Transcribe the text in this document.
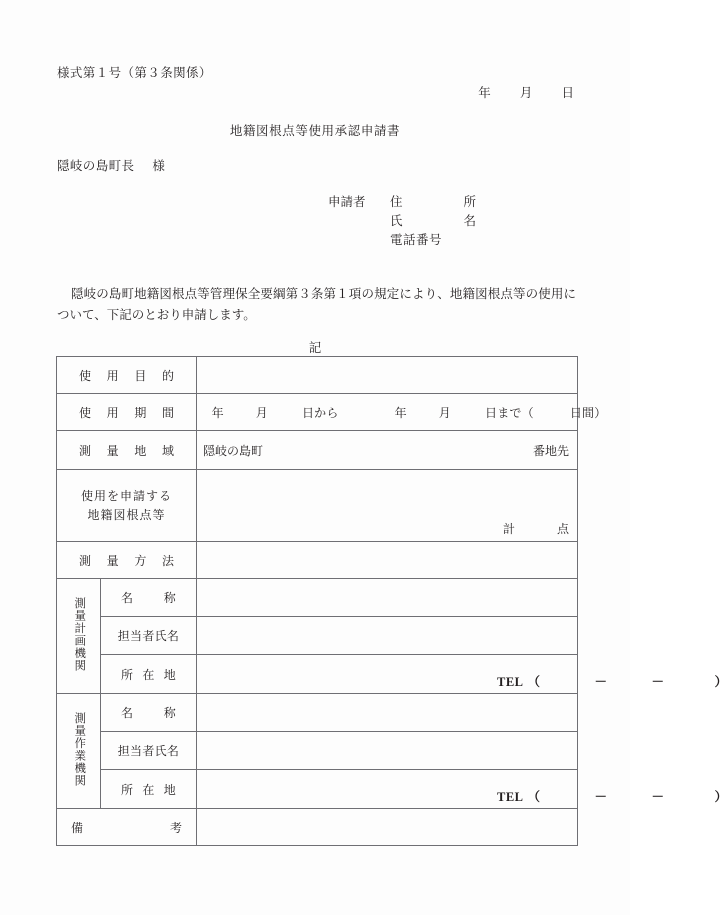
様式第１号（第３条関係）
年 月 日
地籍図根点等使用承認申請書
隠岐の島町長 様
申請者	住	所
氏	名
電話番号
隠岐の島町地籍図根点等管理保全要綱第３条第１項の規定により、地籍図根点等の使用について、下記のとおり申請します。
記
使 用 目 的		

使 用 期 間	年	月	日から	年	月	日まで（	日間）

測 量 地 域		隠岐の島町 番地先

使用を申請する
地籍図根点等		計 点

測 量 方 法		

測量計画機関	名 称	

	担当者氏名	

	所 在 地	TEL （ － － ）

測量作業機関	名 称	

	担当者氏名	

	所 在 地	TEL （ － － ）

備 考		
